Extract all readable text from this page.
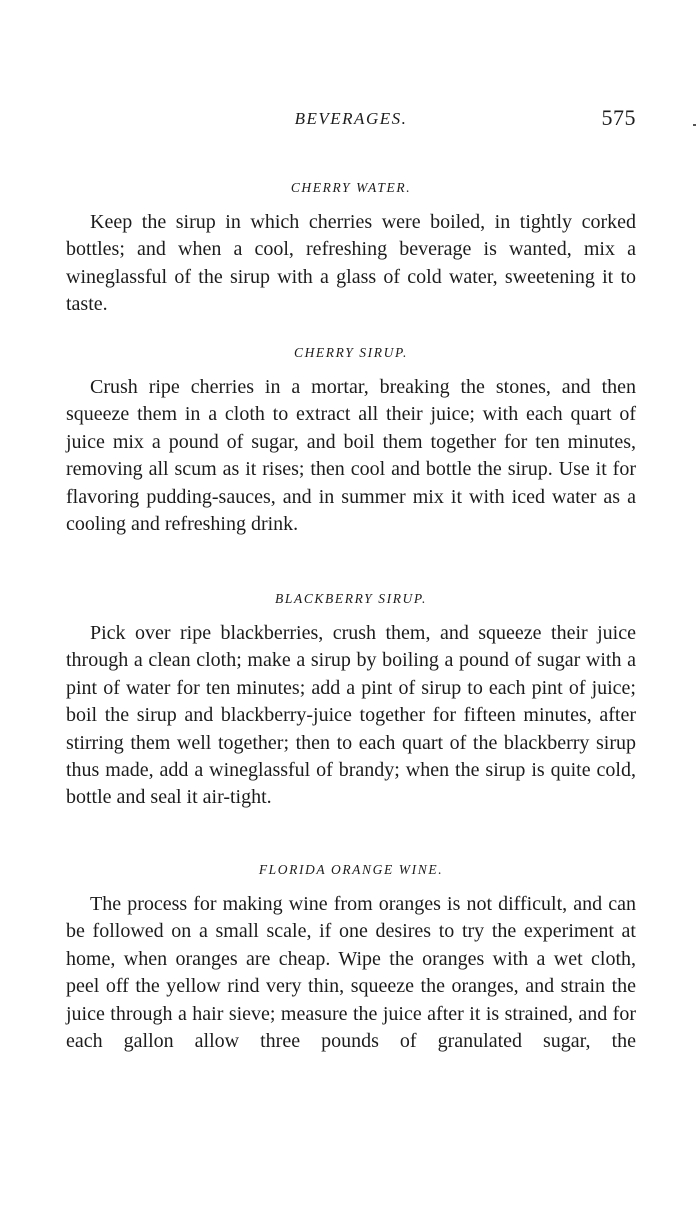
BEVERAGES.	575
CHERRY WATER.

Keep the sirup in which cherries were boiled, in tightly corked bottles; and when a cool, refreshing beverage is wanted, mix a wineglassful of the sirup with a glass of cold water, sweetening it to taste.

CHERRY SIRUP.

Crush ripe cherries in a mortar, breaking the stones, and then squeeze them in a cloth to extract all their juice; with each quart of juice mix a pound of sugar, and boil them together for ten minutes, removing all scum as it rises; then cool and bottle the sirup. Use it for flavoring pudding-sauces, and in summer mix it with iced water as a cooling and refreshing drink.

BLACKBERRY SIRUP.

Pick over ripe blackberries, crush them, and squeeze their juice through a clean cloth; make a sirup by boiling a pound of sugar with a pint of water for ten minutes; add a pint of sirup to each pint of juice; boil the sirup and blackberry-juice together for fifteen minutes, after stirring them well together; then to each quart of the blackberry sirup thus made, add a wineglassful of brandy; when the sirup is quite cold, bottle and seal it air-tight.

FLORIDA ORANGE WINE.

The process for making wine from oranges is not difficult, and can be followed on a small scale, if one desires to try the experiment at home, when oranges are cheap. Wipe the oranges with a wet cloth, peel off the yellow rind very thin, squeeze the oranges, and strain the juice through a hair sieve; measure the juice after it is strained, and for each gallon allow three pounds of granulated sugar, the
